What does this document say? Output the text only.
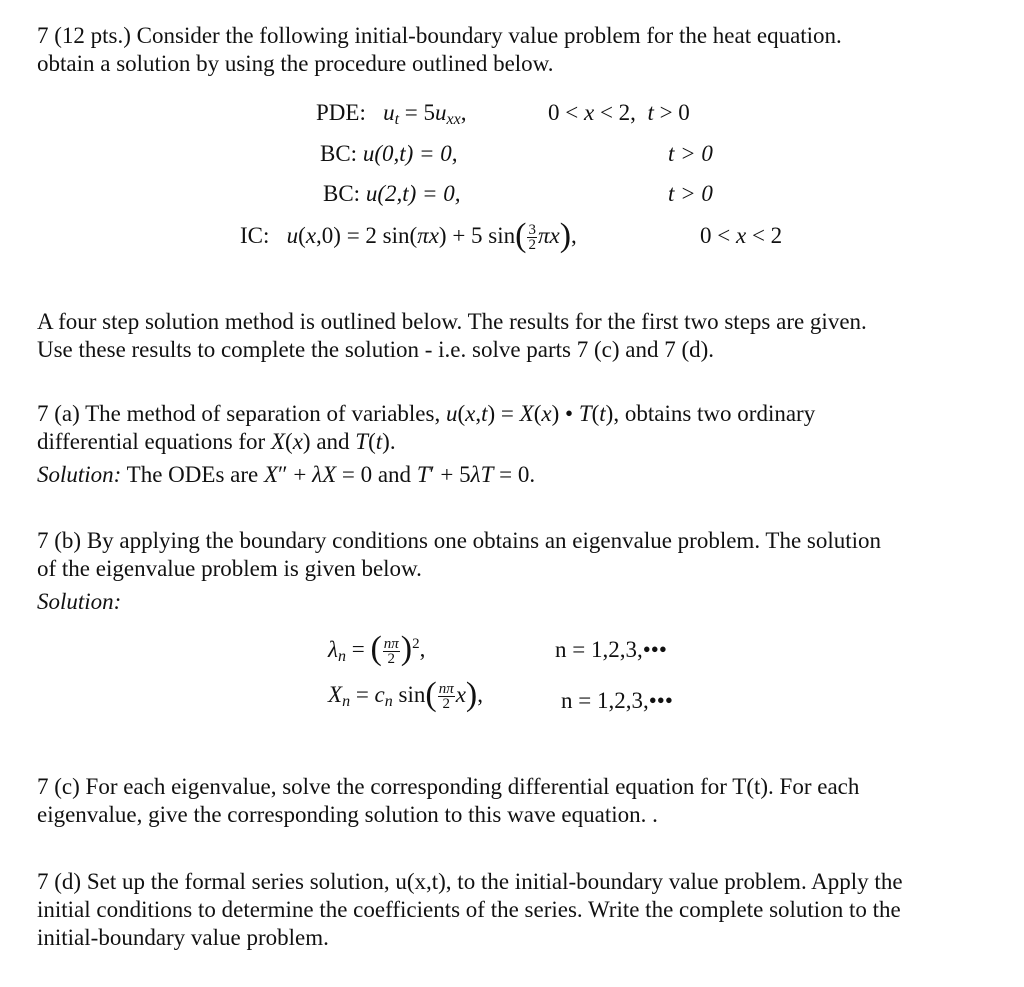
7 (12 pts.) Consider the following initial-boundary value problem for the heat equation.
obtain a solution by using the procedure outlined below.
PDE: $u_t = 5u_{xx}$,	0 < x < 2,  t > 0
BC: u(0,t) = 0,	t > 0
BC: u(2,t) = 0,	t > 0
IC: u(x,0) = 2 sin(πx) + 5 $\sin( \frac{3}{2} \pi x)$,	0 < x < 2
A four step solution method is outlined below. The results for the first two steps are given.
Use these results to complete the solution - i.e. solve parts 7 (c) and 7 (d).
7 (a) The method of separation of variables, u(x,t) = X(x) • T(t), obtains two ordinary
differential equations for X(x) and T(t).
Solution: The ODEs are X″ + λX = 0 and T′ + 5λT = 0.
7 (b) By applying the boundary conditions one obtains an eigenvalue problem. The solution
of the eigenvalue problem is given below.
Solution:
$\lambda_n$ = ( $\frac{n\pi}{2} )^2$,	n = 1,2,3,•••
$X_n = c_n$ $\sin( \frac{n\pi}{2} x)$,	n = 1,2,3,•••
7 (c) For each eigenvalue, solve the corresponding differential equation for T(t). For each
eigenvalue, give the corresponding solution to this wave equation. .
7 (d) Set up the formal series solution, u(x,t), to the initial-boundary value problem. Apply the
initial conditions to determine the coefficients of the series. Write the complete solution to the
initial-boundary value problem.
